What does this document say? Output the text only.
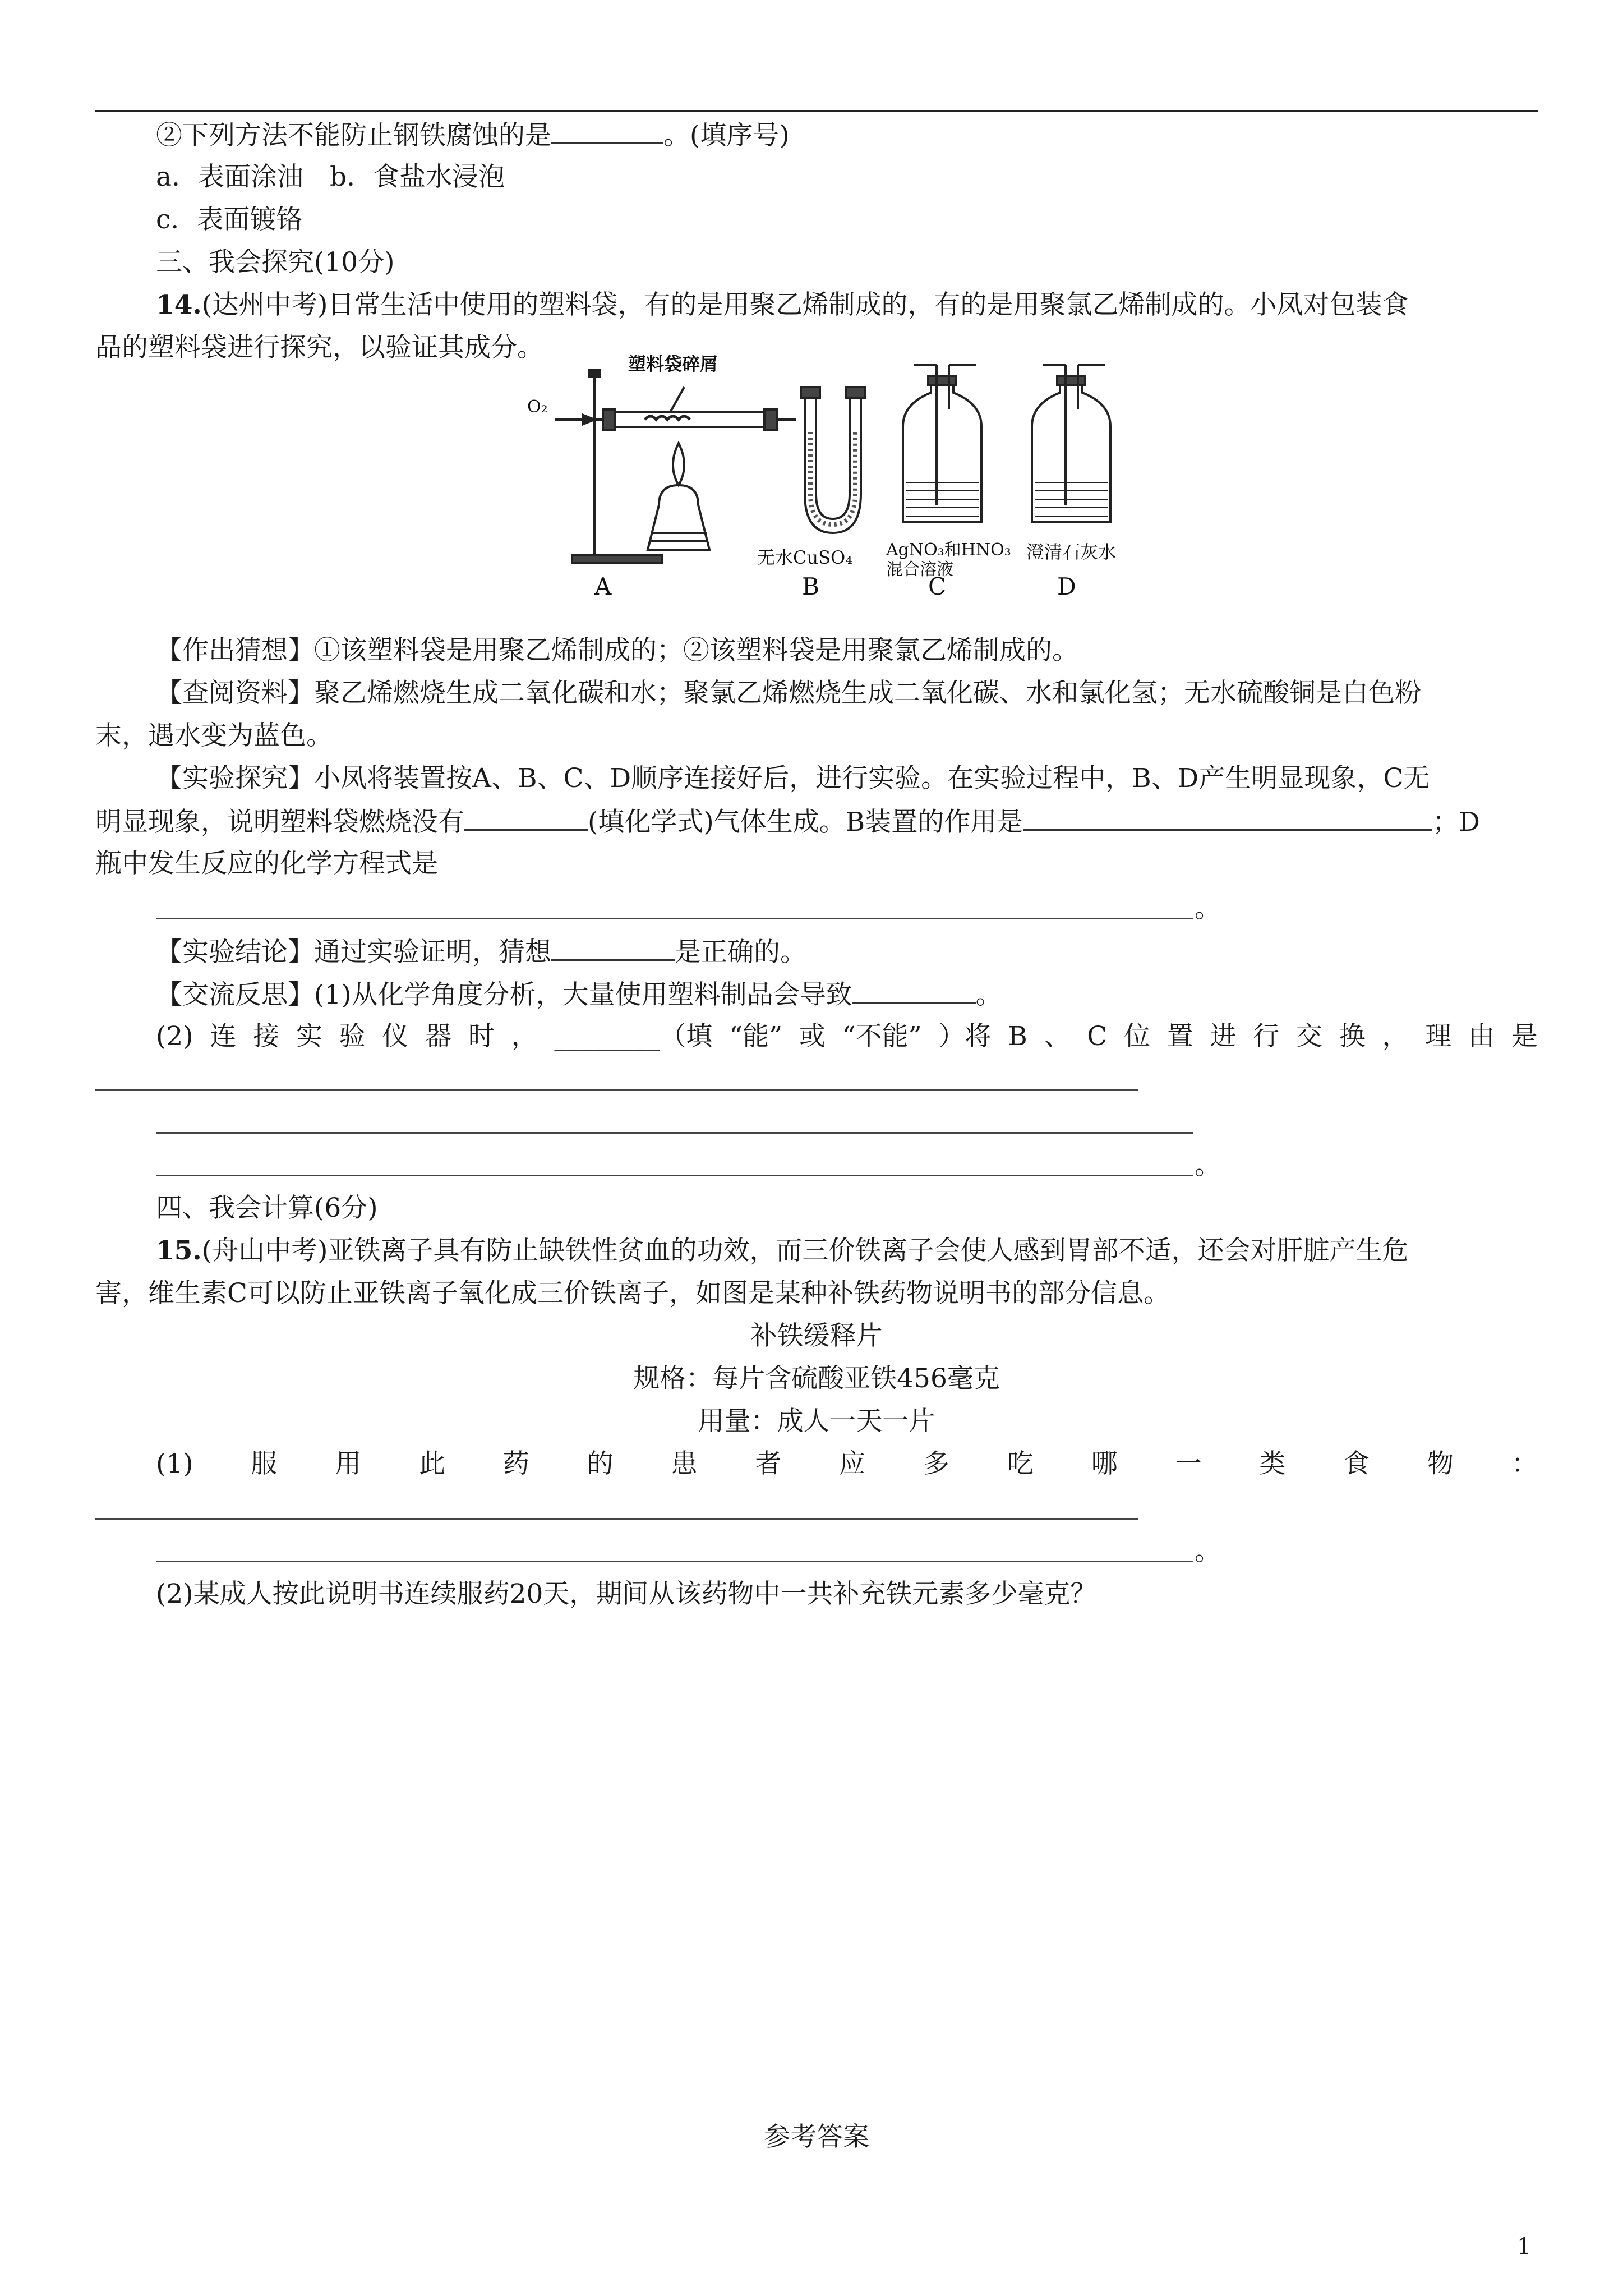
②下列方法不能防止钢铁腐蚀的是	。(填序号)
a．表面涂油　b．食盐水浸泡
c．表面镀铬
三、我会探究(10分)
14.(达州中考)日常生活中使用的塑料袋，有的是用聚乙烯制成的，有的是用聚氯乙烯制成的。小凤对包装食
品的塑料袋进行探究，以验证其成分。
O₂
塑料袋碎屑
无水CuSO₄ AgNO₃和HNO₃
混合溶液
澄清石灰水
A	B	C	D
【作出猜想】①该塑料袋是用聚乙烯制成的；②该塑料袋是用聚氯乙烯制成的。
【查阅资料】聚乙烯燃烧生成二氧化碳和水；聚氯乙烯燃烧生成二氧化碳、水和氯化氢；无水硫酸铜是白色粉
末，遇水变为蓝色。
【实验探究】小凤将装置按A、B、C、D顺序连接好后，进行实验。在实验过程中，B、D产生明显现象，C无
明显现象，说明塑料袋燃烧没有	(填化学式)气体生成。B装置的作用是	；D
瓶中发生反应的化学方程式是
。
【实验结论】通过实验证明，猜想	是正确的。
【交流反思】(1)从化学角度分析，大量使用塑料制品会导致	。
(2) 连 接 实 验 仪 器 时 ， ________（填 “能” 或 “不能” ）将 B 、 C 位 置 进 行 交 换 ， 理 由 是
。
四、我会计算(6分)
15.(舟山中考)亚铁离子具有防止缺铁性贫血的功效，而三价铁离子会使人感到胃部不适，还会对肝脏产生危
害，维生素C可以防止亚铁离子氧化成三价铁离子，如图是某种补铁药物说明书的部分信息。
补铁缓释片
规格：每片含硫酸亚铁456毫克
用量：成人一天一片
(1) 服 用 此 药 的 患 者 应 多 吃 哪 一 类 食 物 ：
。
(2)某成人按此说明书连续服药20天，期间从该药物中一共补充铁元素多少毫克？
参考答案
1
